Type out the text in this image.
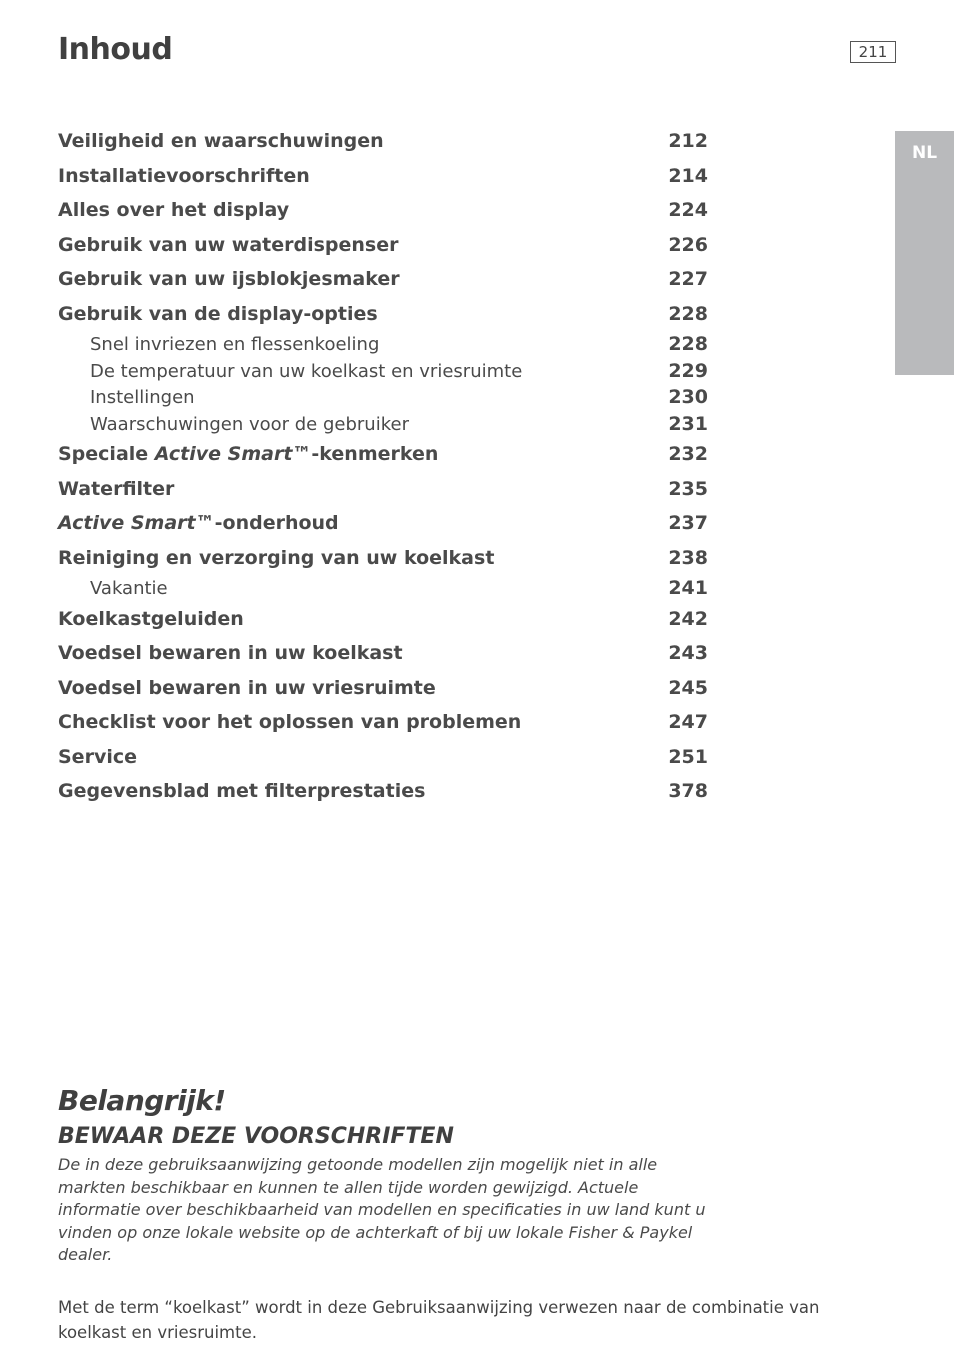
Inhoud	211
NL
Veiligheid en waarschuwingen	212
Installatievoorschriften	214
Alles over het display	224
Gebruik van uw waterdispenser	226
Gebruik van uw ijsblokjesmaker	227
Gebruik van de display-opties	228
Snel invriezen en flessenkoeling	228
De temperatuur van uw koelkast en vriesruimte	229
Instellingen	230
Waarschuwingen voor de gebruiker	231
Speciale Active Smart™-kenmerken	232
Waterfilter	235
Active Smart™-onderhoud	237
Reiniging en verzorging van uw koelkast	238
Vakantie	241
Koelkastgeluiden	242
Voedsel bewaren in uw koelkast	243
Voedsel bewaren in uw vriesruimte	245
Checklist voor het oplossen van problemen	247
Service	251
Gegevensblad met filterprestaties	378
Belangrijk!
BEWAAR DEZE VOORSCHRIFTEN
De in deze gebruiksaanwijzing getoonde modellen zijn mogelijk niet in alle markten beschikbaar en kunnen te allen tijde worden gewijzigd. Actuele informatie over beschikbaarheid van modellen en specificaties in uw land kunt u vinden op onze lokale website op de achterkaft of bij uw lokale Fisher & Paykel dealer.
Met de term “koelkast” wordt in deze Gebruiksaanwijzing verwezen naar de combinatie van koelkast en vriesruimte.
